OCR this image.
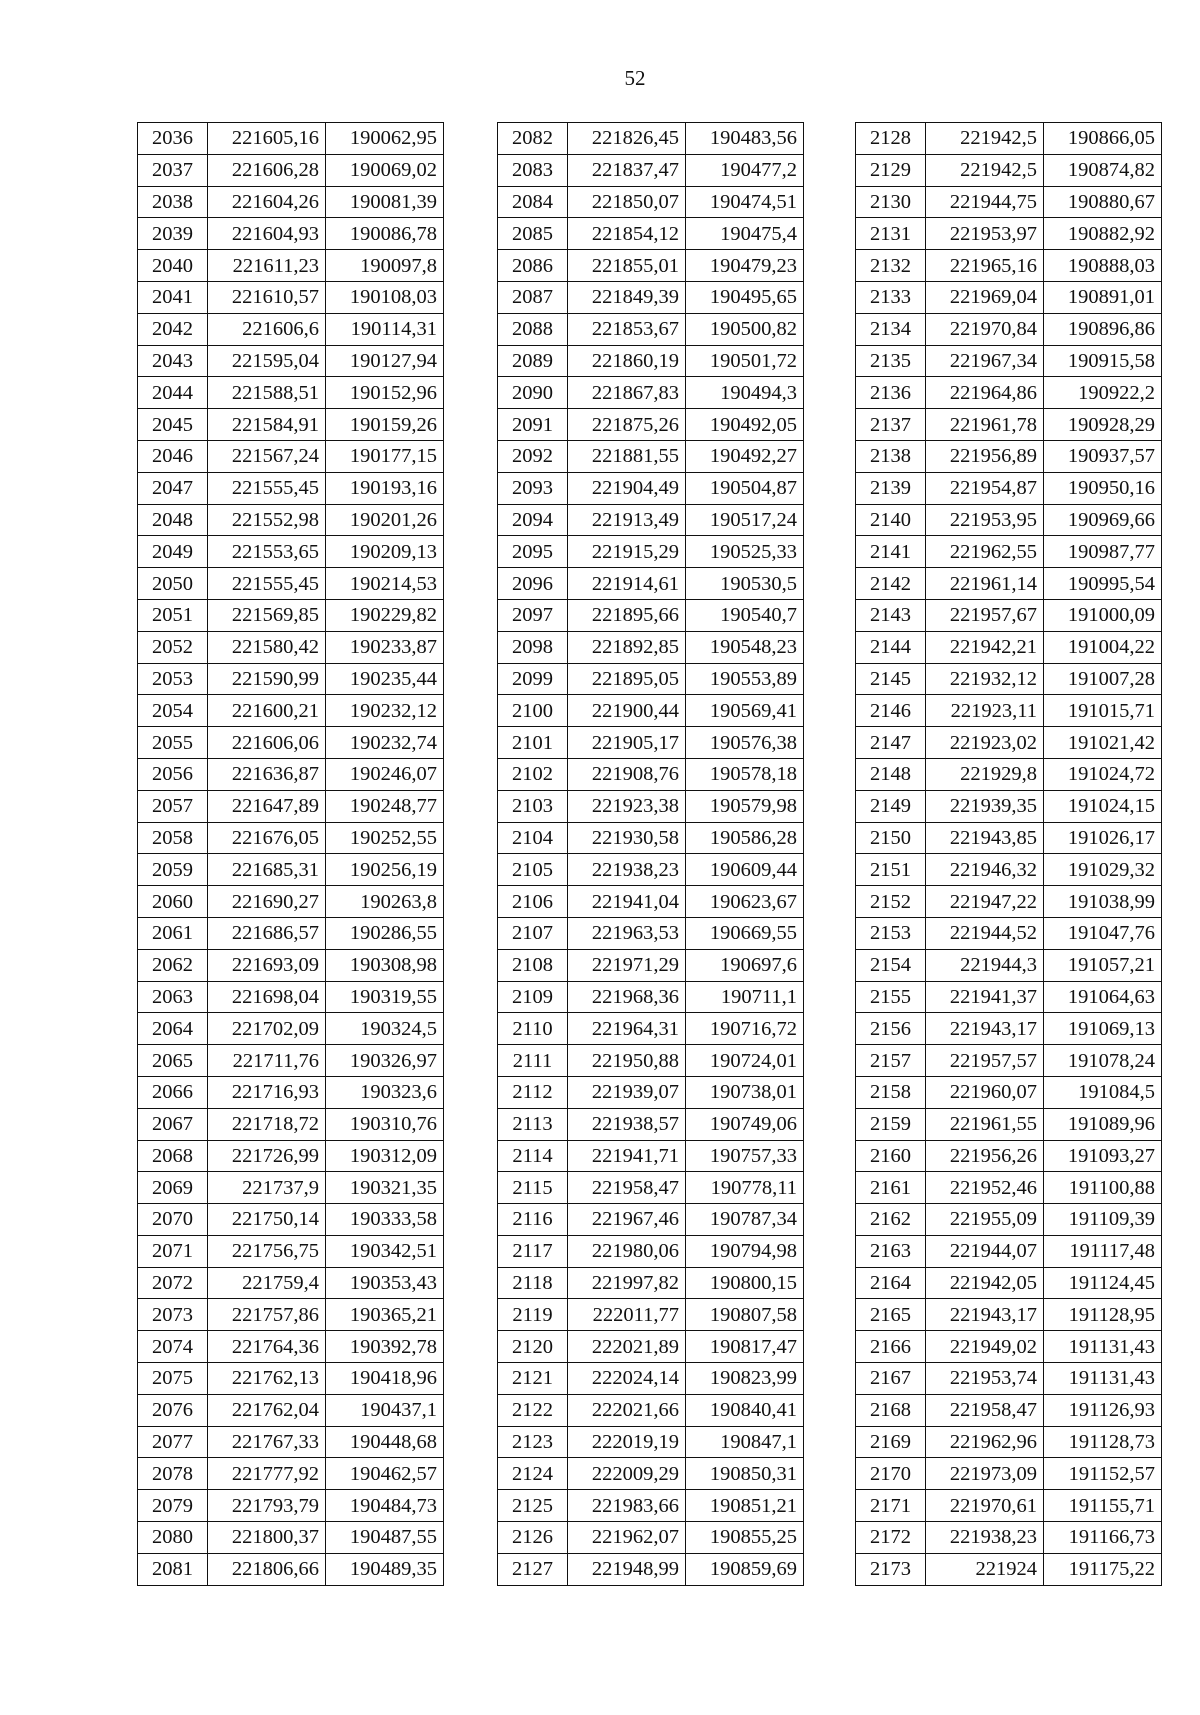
52
2036	221605,16	190062,95
2037	221606,28	190069,02
2038	221604,26	190081,39
2039	221604,93	190086,78
2040	221611,23	190097,8
2041	221610,57	190108,03
2042	221606,6	190114,31
2043	221595,04	190127,94
2044	221588,51	190152,96
2045	221584,91	190159,26
2046	221567,24	190177,15
2047	221555,45	190193,16
2048	221552,98	190201,26
2049	221553,65	190209,13
2050	221555,45	190214,53
2051	221569,85	190229,82
2052	221580,42	190233,87
2053	221590,99	190235,44
2054	221600,21	190232,12
2055	221606,06	190232,74
2056	221636,87	190246,07
2057	221647,89	190248,77
2058	221676,05	190252,55
2059	221685,31	190256,19
2060	221690,27	190263,8
2061	221686,57	190286,55
2062	221693,09	190308,98
2063	221698,04	190319,55
2064	221702,09	190324,5
2065	221711,76	190326,97
2066	221716,93	190323,6
2067	221718,72	190310,76
2068	221726,99	190312,09
2069	221737,9	190321,35
2070	221750,14	190333,58
2071	221756,75	190342,51
2072	221759,4	190353,43
2073	221757,86	190365,21
2074	221764,36	190392,78
2075	221762,13	190418,96
2076	221762,04	190437,1
2077	221767,33	190448,68
2078	221777,92	190462,57
2079	221793,79	190484,73
2080	221800,37	190487,55
2081	221806,66	190489,35
2082	221826,45	190483,56
2083	221837,47	190477,2
2084	221850,07	190474,51
2085	221854,12	190475,4
2086	221855,01	190479,23
2087	221849,39	190495,65
2088	221853,67	190500,82
2089	221860,19	190501,72
2090	221867,83	190494,3
2091	221875,26	190492,05
2092	221881,55	190492,27
2093	221904,49	190504,87
2094	221913,49	190517,24
2095	221915,29	190525,33
2096	221914,61	190530,5
2097	221895,66	190540,7
2098	221892,85	190548,23
2099	221895,05	190553,89
2100	221900,44	190569,41
2101	221905,17	190576,38
2102	221908,76	190578,18
2103	221923,38	190579,98
2104	221930,58	190586,28
2105	221938,23	190609,44
2106	221941,04	190623,67
2107	221963,53	190669,55
2108	221971,29	190697,6
2109	221968,36	190711,1
2110	221964,31	190716,72
2111	221950,88	190724,01
2112	221939,07	190738,01
2113	221938,57	190749,06
2114	221941,71	190757,33
2115	221958,47	190778,11
2116	221967,46	190787,34
2117	221980,06	190794,98
2118	221997,82	190800,15
2119	222011,77	190807,58
2120	222021,89	190817,47
2121	222024,14	190823,99
2122	222021,66	190840,41
2123	222019,19	190847,1
2124	222009,29	190850,31
2125	221983,66	190851,21
2126	221962,07	190855,25
2127	221948,99	190859,69
2128	221942,5	190866,05
2129	221942,5	190874,82
2130	221944,75	190880,67
2131	221953,97	190882,92
2132	221965,16	190888,03
2133	221969,04	190891,01
2134	221970,84	190896,86
2135	221967,34	190915,58
2136	221964,86	190922,2
2137	221961,78	190928,29
2138	221956,89	190937,57
2139	221954,87	190950,16
2140	221953,95	190969,66
2141	221962,55	190987,77
2142	221961,14	190995,54
2143	221957,67	191000,09
2144	221942,21	191004,22
2145	221932,12	191007,28
2146	221923,11	191015,71
2147	221923,02	191021,42
2148	221929,8	191024,72
2149	221939,35	191024,15
2150	221943,85	191026,17
2151	221946,32	191029,32
2152	221947,22	191038,99
2153	221944,52	191047,76
2154	221944,3	191057,21
2155	221941,37	191064,63
2156	221943,17	191069,13
2157	221957,57	191078,24
2158	221960,07	191084,5
2159	221961,55	191089,96
2160	221956,26	191093,27
2161	221952,46	191100,88
2162	221955,09	191109,39
2163	221944,07	191117,48
2164	221942,05	191124,45
2165	221943,17	191128,95
2166	221949,02	191131,43
2167	221953,74	191131,43
2168	221958,47	191126,93
2169	221962,96	191128,73
2170	221973,09	191152,57
2171	221970,61	191155,71
2172	221938,23	191166,73
2173	221924	191175,22
